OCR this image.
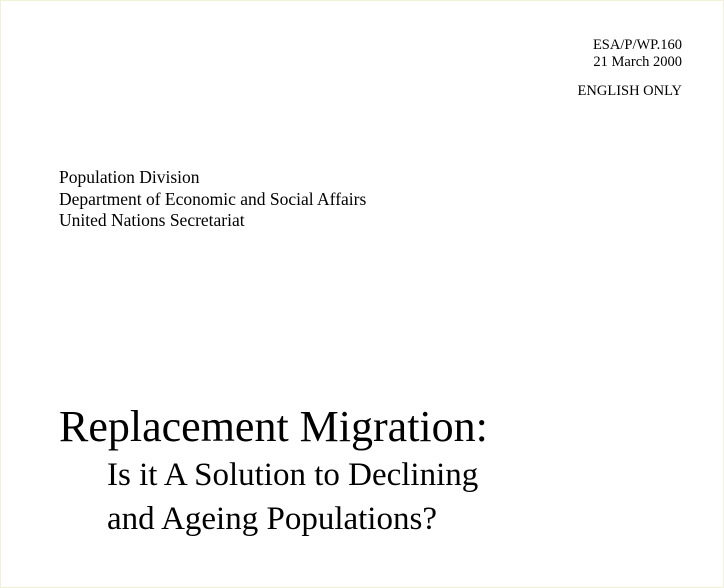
ESA/P/WP.160
21 March 2000
ENGLISH ONLY
Population Division
Department of Economic and Social Affairs
United Nations Secretariat
Replacement Migration:
Is it A Solution to Declining
and Ageing Populations?
